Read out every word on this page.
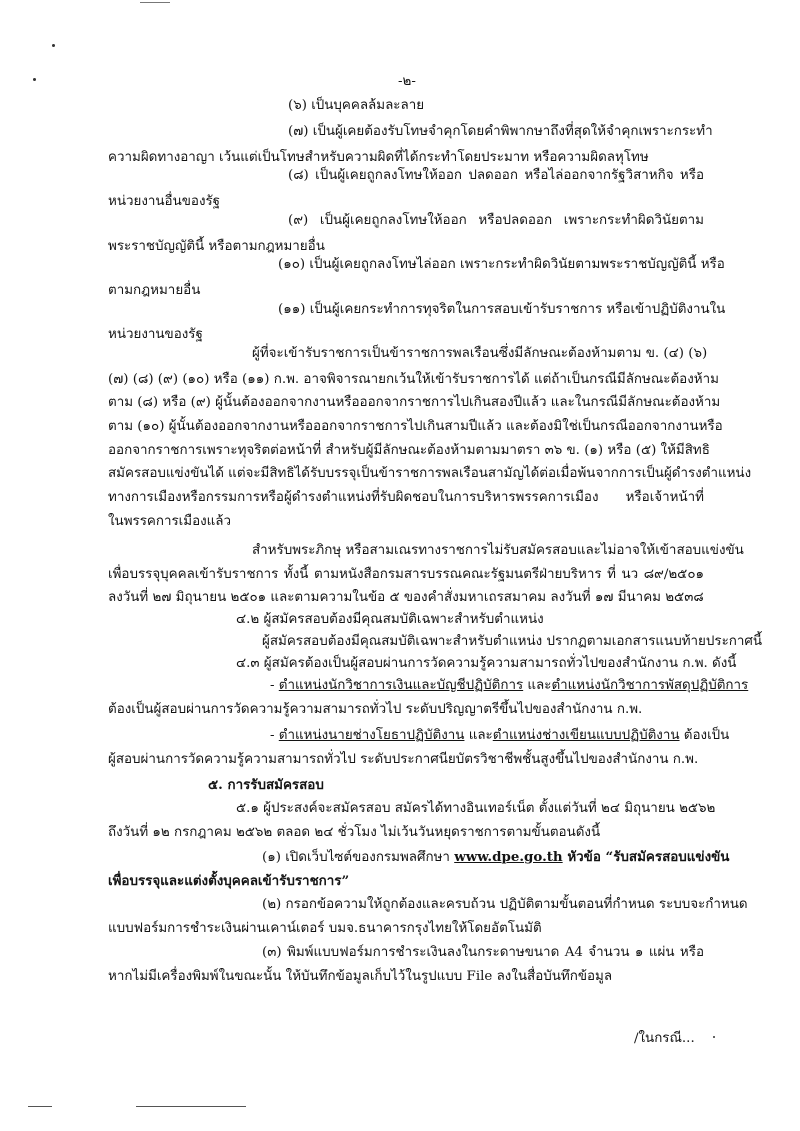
-๒-
(๖) เป็นบุคคลล้มละลาย
(๗) เป็นผู้เคยต้องรับโทษจำคุกโดยคำพิพากษาถึงที่สุดให้จำคุกเพราะกระทำ
ความผิดทางอาญา เว้นแต่เป็นโทษสำหรับความผิดที่ได้กระทำโดยประมาท หรือความผิดลหุโทษ
(๘) เป็นผู้เคยถูกลงโทษให้ออก ปลดออก หรือไล่ออกจากรัฐวิสาหกิจ หรือ
หน่วยงานอื่นของรัฐ
(๙) เป็นผู้เคยถูกลงโทษให้ออก หรือปลดออก เพราะกระทำผิดวินัยตาม
พระราชบัญญัตินี้ หรือตามกฎหมายอื่น
(๑๐) เป็นผู้เคยถูกลงโทษไล่ออก เพราะกระทำผิดวินัยตามพระราชบัญญัตินี้ หรือ
ตามกฎหมายอื่น
(๑๑) เป็นผู้เคยกระทำการทุจริตในการสอบเข้ารับราชการ หรือเข้าปฏิบัติงานใน
หน่วยงานของรัฐ
ผู้ที่จะเข้ารับราชการเป็นข้าราชการพลเรือนซึ่งมีลักษณะต้องห้ามตาม ข. (๔) (๖)
(๗) (๘) (๙) (๑๐) หรือ (๑๑) ก.พ. อาจพิจารณายกเว้นให้เข้ารับราชการได้ แต่ถ้าเป็นกรณีมีลักษณะต้องห้าม
ตาม (๘) หรือ (๙) ผู้นั้นต้องออกจากงานหรือออกจากราชการไปเกินสองปีแล้ว และในกรณีมีลักษณะต้องห้าม
ตาม (๑๐) ผู้นั้นต้องออกจากงานหรือออกจากราชการไปเกินสามปีแล้ว และต้องมิใช่เป็นกรณีออกจากงานหรือ
ออกจากราชการเพราะทุจริตต่อหน้าที่ สำหรับผู้มีลักษณะต้องห้ามตามมาตรา ๓๖ ข. (๑) หรือ (๕) ให้มีสิทธิ
สมัครสอบแข่งขันได้ แต่จะมีสิทธิได้รับบรรจุเป็นข้าราชการพลเรือนสามัญได้ต่อเมื่อพ้นจากการเป็นผู้ดำรงตำแหน่ง
ทางการเมืองหรือกรรมการหรือผู้ดำรงตำแหน่งที่รับผิดชอบในการบริหารพรรคการเมือง หรือเจ้าหน้าที่
ในพรรคการเมืองแล้ว
สำหรับพระภิกษุ หรือสามเณรทางราชการไม่รับสมัครสอบและไม่อาจให้เข้าสอบแข่งขัน
เพื่อบรรจุบุคคลเข้ารับราชการ ทั้งนี้ ตามหนังสือกรมสารบรรณคณะรัฐมนตรีฝ่ายบริหาร ที่ นว ๘๙/๒๕๐๑
ลงวันที่ ๒๗ มิถุนายน ๒๕๐๑ และตามความในข้อ ๕ ของคำสั่งมหาเถรสมาคม ลงวันที่ ๑๗ มีนาคม ๒๕๓๘
๔.๒ ผู้สมัครสอบต้องมีคุณสมบัติเฉพาะสำหรับตำแหน่ง
ผู้สมัครสอบต้องมีคุณสมบัติเฉพาะสำหรับตำแหน่ง ปรากฏตามเอกสารแนบท้ายประกาศนี้
๔.๓ ผู้สมัครต้องเป็นผู้สอบผ่านการวัดความรู้ความสามารถทั่วไปของสำนักงาน ก.พ. ดังนี้
- ตำแหน่งนักวิชาการเงินและบัญชีปฏิบัติการ และตำแหน่งนักวิชาการพัสดุปฏิบัติการ
ต้องเป็นผู้สอบผ่านการวัดความรู้ความสามารถทั่วไป ระดับปริญญาตรีขึ้นไปของสำนักงาน ก.พ.
- ตำแหน่งนายช่างโยธาปฏิบัติงาน และตำแหน่งช่างเขียนแบบปฏิบัติงาน ต้องเป็น
ผู้สอบผ่านการวัดความรู้ความสามารถทั่วไป ระดับประกาศนียบัตรวิชาชีพชั้นสูงขึ้นไปของสำนักงาน ก.พ.
๕. การรับสมัครสอบ
๕.๑ ผู้ประสงค์จะสมัครสอบ สมัครได้ทางอินเทอร์เน็ต ตั้งแต่วันที่ ๒๔ มิถุนายน ๒๕๖๒
ถึงวันที่ ๑๒ กรกฎาคม ๒๕๖๒ ตลอด ๒๔ ชั่วโมง ไม่เว้นวันหยุดราชการตามขั้นตอนดังนี้
(๑) เปิดเว็บไซต์ของกรมพลศึกษา www.dpe.go.th หัวข้อ “รับสมัครสอบแข่งขัน
เพื่อบรรจุและแต่งตั้งบุคคลเข้ารับราชการ”
(๒) กรอกข้อความให้ถูกต้องและครบถ้วน ปฏิบัติตามขั้นตอนที่กำหนด ระบบจะกำหนด
แบบฟอร์มการชำระเงินผ่านเคาน์เตอร์ บมจ.ธนาคารกรุงไทยให้โดยอัตโนมัติ
(๓) พิมพ์แบบฟอร์มการชำระเงินลงในกระดาษขนาด A4 จำนวน ๑ แผ่น หรือ
หากไม่มีเครื่องพิมพ์ในขณะนั้น ให้บันทึกข้อมูลเก็บไว้ในรูปแบบ File ลงในสื่อบันทึกข้อมูล
/ในกรณี...
